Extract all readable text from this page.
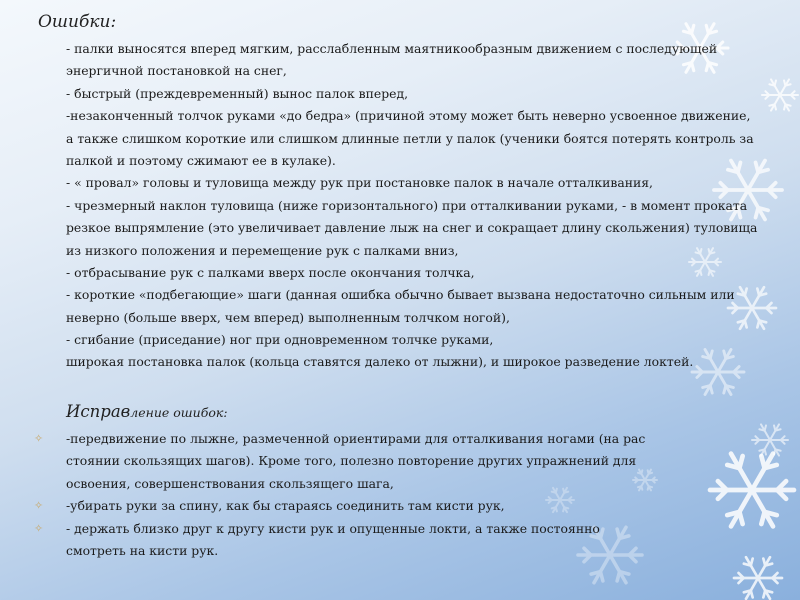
Ошибки:
- палки выносятся вперед мягким, расслабленным маятникообразным движением с последующей
энергичной постановкой на снег,
- быстрый (преждевременный) вынос палок вперед,
-незаконченный толчок руками «до бедра» (причиной этому может быть неверно усвоенное движение,
а также слишком короткие или слишком длинные петли у палок (ученики боятся потерять контроль за
палкой и поэтому сжимают ее в кулаке).
- « провал» головы и туловища между рук при постановке палок в начале отталкивания,
- чрезмерный наклон туловища (ниже горизонтального) при отталкивании руками, - в момент проката
резкое выпрямление (это увеличивает давление лыж на снег и сокращает длину скольжения) туловища
из низкого положения и перемещение рук с палками вниз,
- отбрасывание рук с палками вверх после окончания толчка,
- короткие «подбегающие» шаги (данная ошибка обычно бывает вызвана недостаточно сильным или
неверно (больше вверх, чем вперед) выполненным толчком ногой),
- сгибание (приседание) ног при одновременном толчке руками,
широкая постановка палок (кольца ставятся далеко от лыжни), и широкое разведение локтей.
Исправление ошибок:
✧ -передвижение по лыжне, размеченной ориентирами для отталкивания ногами (на рас
стоянии скользящих шагов). Кроме того, полезно повторение других упражнений для
освоения, совершенствования скользящего шага,
✧ -убирать руки за спину, как бы стараясь соединить там кисти рук,
✧ - держать близко друг к другу кисти рук и опущенные локти, а также постоянно
смотреть на кисти рук.
